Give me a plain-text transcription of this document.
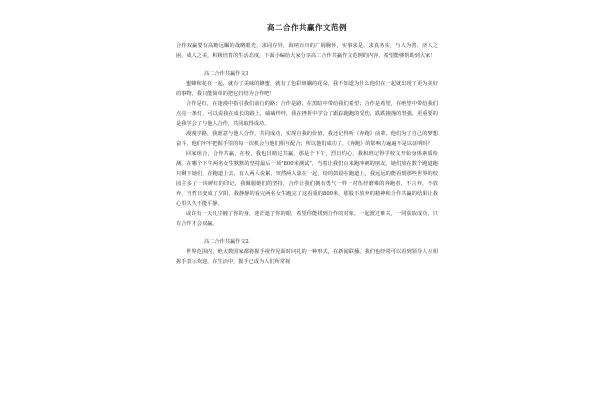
高二合作共赢作文范例

合作双赢要有高瞻远瞩的战略眼光，求同存异，海纳百川的广阔胸怀，实事求是、求真务实，与人为善、济人之困，成人之美，积极培育的生活态度。下面小编给大家分享高二合作共赢作文范例的内容，希望能够帮助到大家！

高二合作共赢作文1

蜜蜂和花在一起，就有了美味的蜂蜜，就有了色彩斑斓的花朵，我不知道为什么他们在一起就出现了更为美好的事物，我只能简单的把它归结为合作吧！

合作是红，在逢漫中指引我们前行的路；合作是路，在黑暗中带给我们希望；合作是希望，在绝望中带给我们点亮一条灯，可以说我在成长的路上，磕磕绊绊，我在挫折中学会了跟踪跑跑的受伤，跌跌撞撞的坚强，更重要的是我学会了与他人合作，共同取得成功。

漫漫学路，我愿意与他人合作，共同成功，实现自我的价值，我还记得听《奔跑》前辈，他们为了自己的梦想奋斗，他们牢牢把握手里的每一次机会与他们相互配合；所以他们成功了，《奔跑》的影响力遍遍不是以证明吗？

回家组合，合作共赢，在校，我也目睹过共赢，那是个下午，烈日灼心，我和班记得学校文开始身体素质检测，在哪个下午两名女生默默的坚持最后一项"800米测试"，当着让我们百米跑冲刺的朋友，她们放在数个跑道跑只剩下她们，在跑道上去，有人两人说累，突然两人靠在一起，给的鼓励在跑道上，我远远的能看到那些世界的校园主多了一块鲜红的印记，我佩服她们的坚持，合作让我们拥有勇气一样一对伍经磨难的奔跑者，不言弃，不放弃，当哲日变成了夕阳，我静静的看完两名女生跑完了这看重的800米，那股不放弃的精神和合作共赢的结果让我心里久久不能平静。

或许有一天凡尘缠了你的身，迷茫遮了你的眼，希望你能找到合作的对象，一起渡过难关，一同获取成功，只有合作才会双赢。

高二合作共赢作文2

世界范围内，绝大数国家都将握手视作见面时问礼的一种形式，在新闻联播，我们也经常可以看到领导人互相握手表示欢迎，在生活中，握手已成为人们所常视
